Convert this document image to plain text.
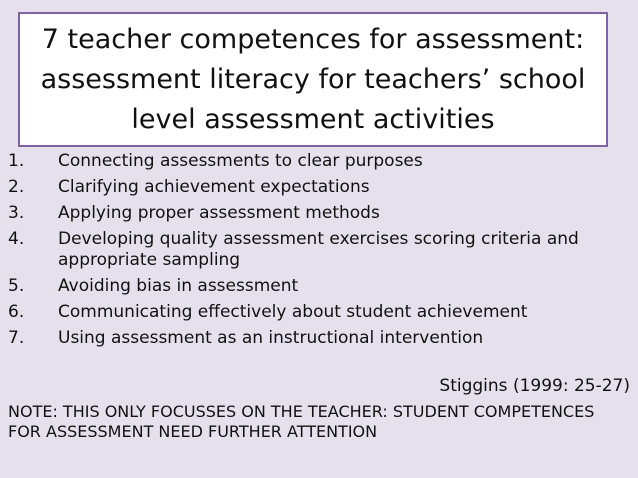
7 teacher competences for assessment: assessment literacy for teachers’ school level assessment activities
1.	Connecting assessments to clear purposes
2.	Clarifying achievement expectations
3.	Applying proper assessment methods
4.	Developing quality assessment exercises scoring criteria and appropriate sampling
5.	Avoiding bias in assessment
6.	Communicating effectively about student achievement
7.	Using assessment as an instructional intervention
Stiggins (1999: 25-27)
NOTE: THIS ONLY FOCUSSES ON THE TEACHER: STUDENT COMPETENCES FOR ASSESSMENT NEED FURTHER ATTENTION
